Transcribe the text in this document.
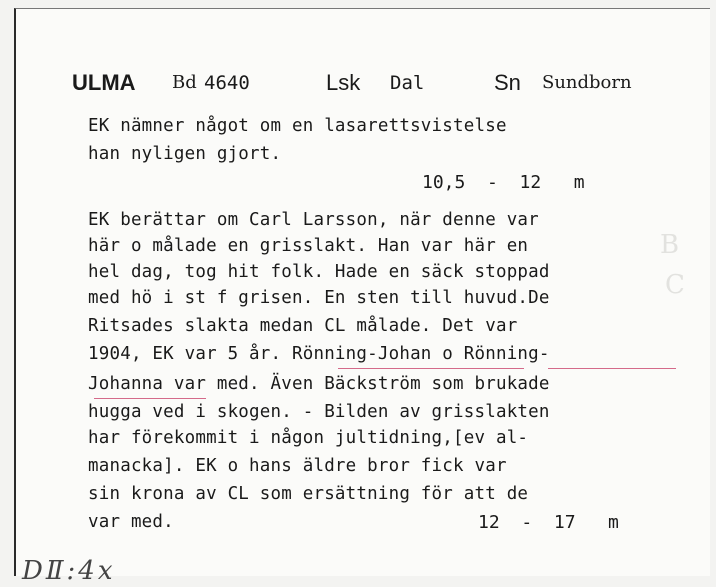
B
C
ULMA Bd 4640	Lsk Dal	Sn Sundborn
EK nämner något om en lasarettsvistelse
han nyligen gjort.
10,5  -  12   m
EK berättar om Carl Larsson, när denne var
här o målade en grisslakt. Han var här en
hel dag, tog hit folk. Hade en säck stoppad
med hö i st f grisen. En sten till huvud.De
Ritsades slakta medan CL målade. Det var
1904, EK var 5 år. Rönning-Johan o Rönning-
Johanna var med. Även Bäckström som brukade
hugga ved i skogen. - Bilden av grisslakten
har förekommit i någon jultidning,[ev al-
manacka]. EK o hans äldre bror fick var
sin krona av CL som ersättning för att de
var med.	12  -  17   m
DⅡ:4x
